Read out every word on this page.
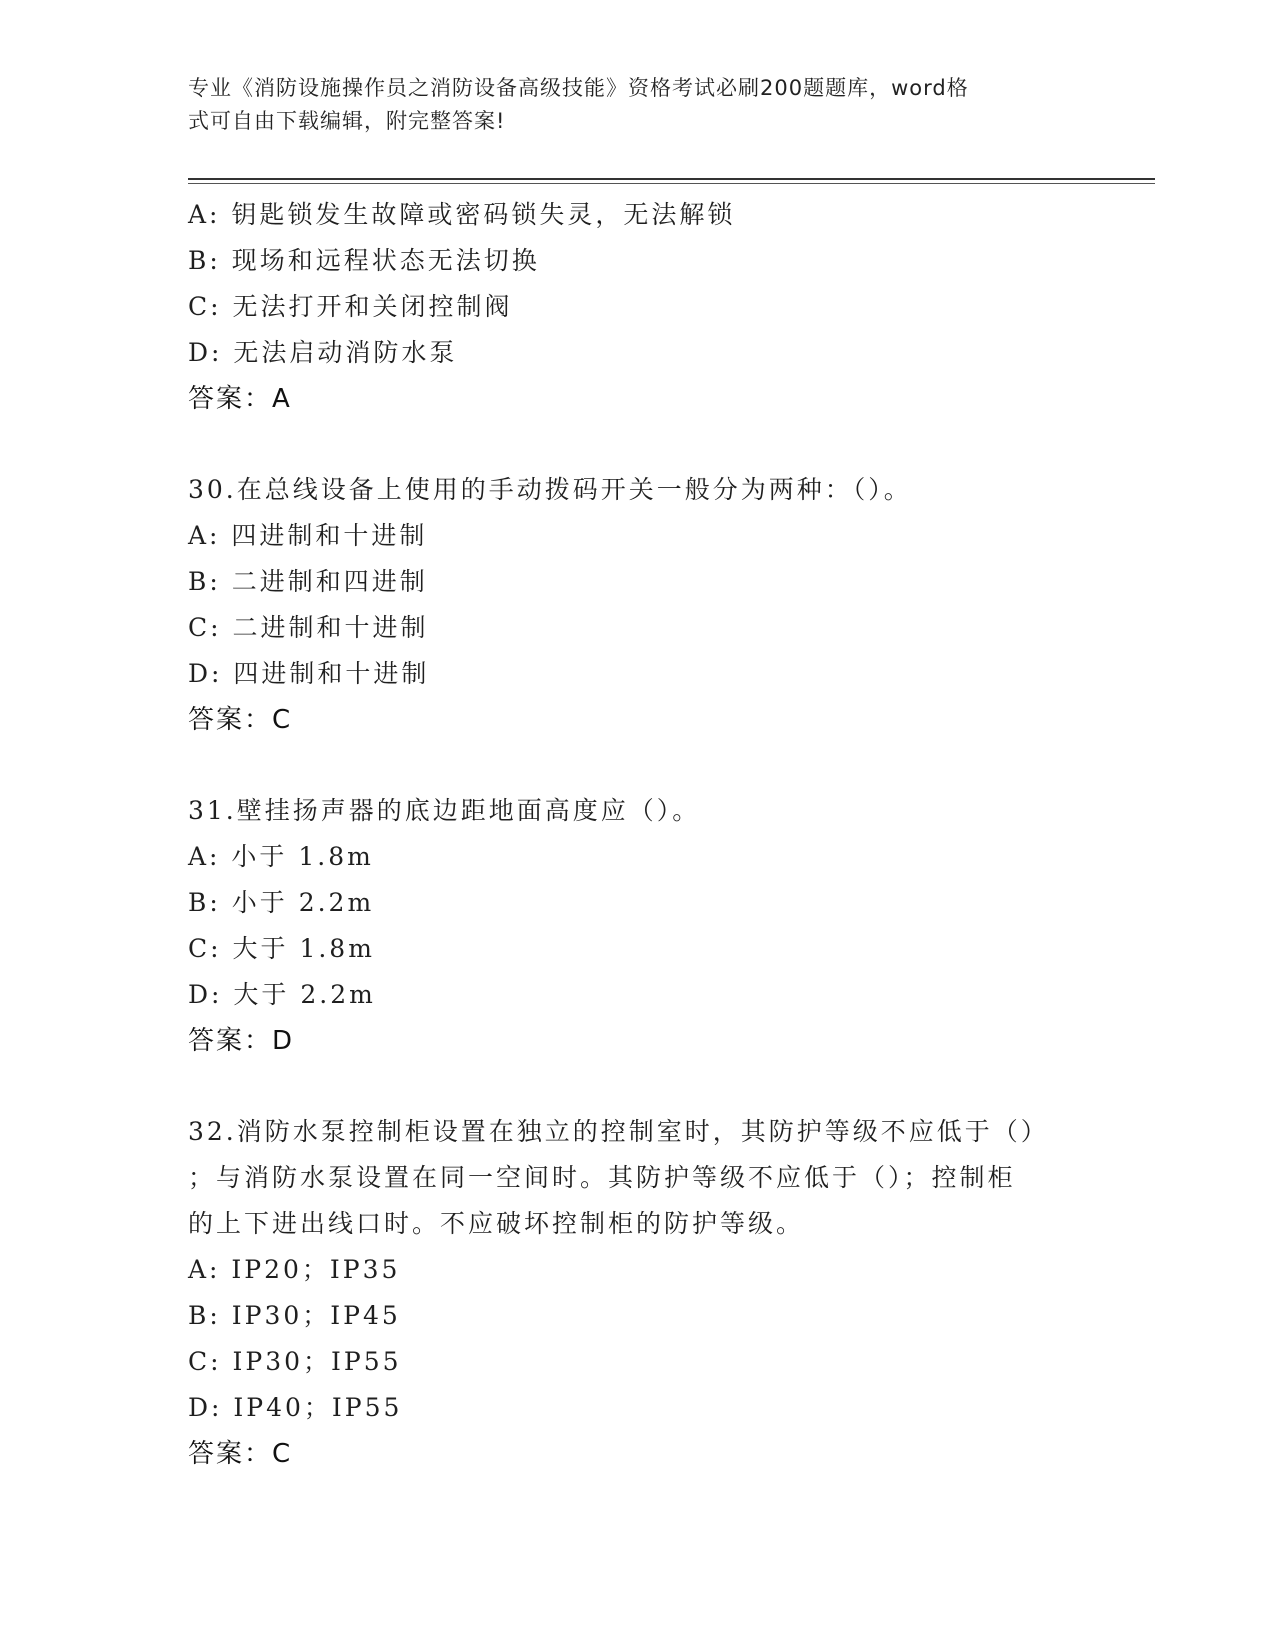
专业《消防设施操作员之消防设备高级技能》资格考试必刷200题题库，word格
式可自由下载编辑，附完整答案!
A: 钥匙锁发生故障或密码锁失灵，无法解锁
B: 现场和远程状态无法切换
C: 无法打开和关闭控制阀
D: 无法启动消防水泵
答案：A
30.在总线设备上使用的手动拨码开关一般分为两种：（）。
A: 四进制和十进制
B: 二进制和四进制
C: 二进制和十进制
D: 四进制和十进制
答案：C
31.壁挂扬声器的底边距地面高度应（）。
A: 小于 1.8m
B: 小于 2.2m
C: 大于 1.8m
D: 大于 2.2m
答案：D
32.消防水泵控制柜设置在独立的控制室时，其防护等级不应低于（）
；与消防水泵设置在同一空间时。其防护等级不应低于（）；控制柜
的上下进出线口时。不应破坏控制柜的防护等级。
A: IP20；IP35
B: IP30；IP45
C: IP30；IP55
D: IP40；IP55
答案：C
